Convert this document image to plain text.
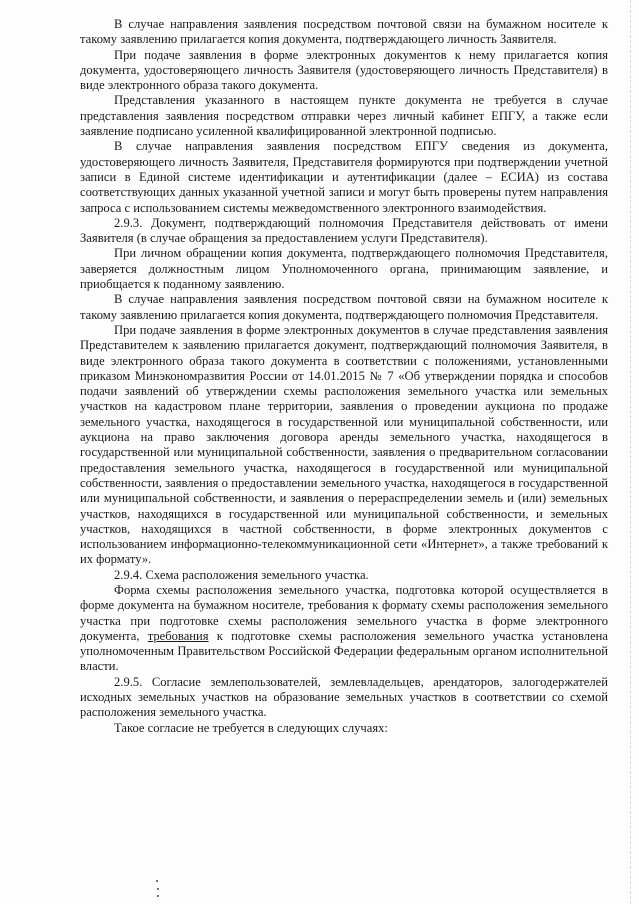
В случае направления заявления посредством почтовой связи на бумажном носителе к такому заявлению прилагается копия документа, подтверждающего личность Заявителя.

При подаче заявления в форме электронных документов к нему прилагается копия документа, удостоверяющего личность Заявителя (удостоверяющего личность Представителя) в виде электронного образа такого документа.

Представления указанного в настоящем пункте документа не требуется в случае представления заявления посредством отправки через личный кабинет ЕПГУ, а также если заявление подписано усиленной квалифицированной электронной подписью.

В случае направления заявления посредством ЕПГУ сведения из документа, удостоверяющего личность Заявителя, Представителя формируются при подтверждении учетной записи в Единой системе идентификации и аутентификации (далее – ЕСИА) из состава соответствующих данных указанной учетной записи и могут быть проверены путем направления запроса с использованием системы межведомственного электронного взаимодействия.

2.9.3. Документ, подтверждающий полномочия Представителя действовать от имени Заявителя (в случае обращения за предоставлением услуги Представителя).

При личном обращении копия документа, подтверждающего полномочия Представителя, заверяется должностным лицом Уполномоченного органа, принимающим заявление, и приобщается к поданному заявлению.

В случае направления заявления посредством почтовой связи на бумажном носителе к такому заявлению прилагается копия документа, подтверждающего полномочия Представителя.

При подаче заявления в форме электронных документов в случае представления заявления Представителем к заявлению прилагается документ, подтверждающий полномочия Заявителя, в виде электронного образа такого документа в соответствии с положениями, установленными приказом Минэкономразвития России от 14.01.2015 № 7 «Об утверждении порядка и способов подачи заявлений об утверждении схемы расположения земельного участка или земельных участков на кадастровом плане территории, заявления о проведении аукциона по продаже земельного участка, находящегося в государственной или муниципальной собственности, или аукциона на право заключения договора аренды земельного участка, находящегося в государственной или муниципальной собственности, заявления о предварительном согласовании предоставления земельного участка, находящегося в государственной или муниципальной собственности, заявления о предоставлении земельного участка, находящегося в государственной или муниципальной собственности, и заявления о перераспределении земель и (или) земельных участков, находящихся в государственной или муниципальной собственности, и земельных участков, находящихся в частной собственности, в форме электронных документов с использованием информационно-телекоммуникационной сети «Интернет», а также требований к их формату».

2.9.4. Схема расположения земельного участка.

Форма схемы расположения земельного участка, подготовка которой осуществляется в форме документа на бумажном носителе, требования к формату схемы расположения земельного участка при подготовке схемы расположения земельного участка в форме электронного документа, требования к подготовке схемы расположения земельного участка установлена уполномоченным Правительством Российской Федерации федеральным органом исполнительной власти.

2.9.5. Согласие землепользователей, землевладельцев, арендаторов, залогодержателей исходных земельных участков на образование земельных участков в соответствии со схемой расположения земельного участка.

Такое согласие не требуется в следующих случаях:
